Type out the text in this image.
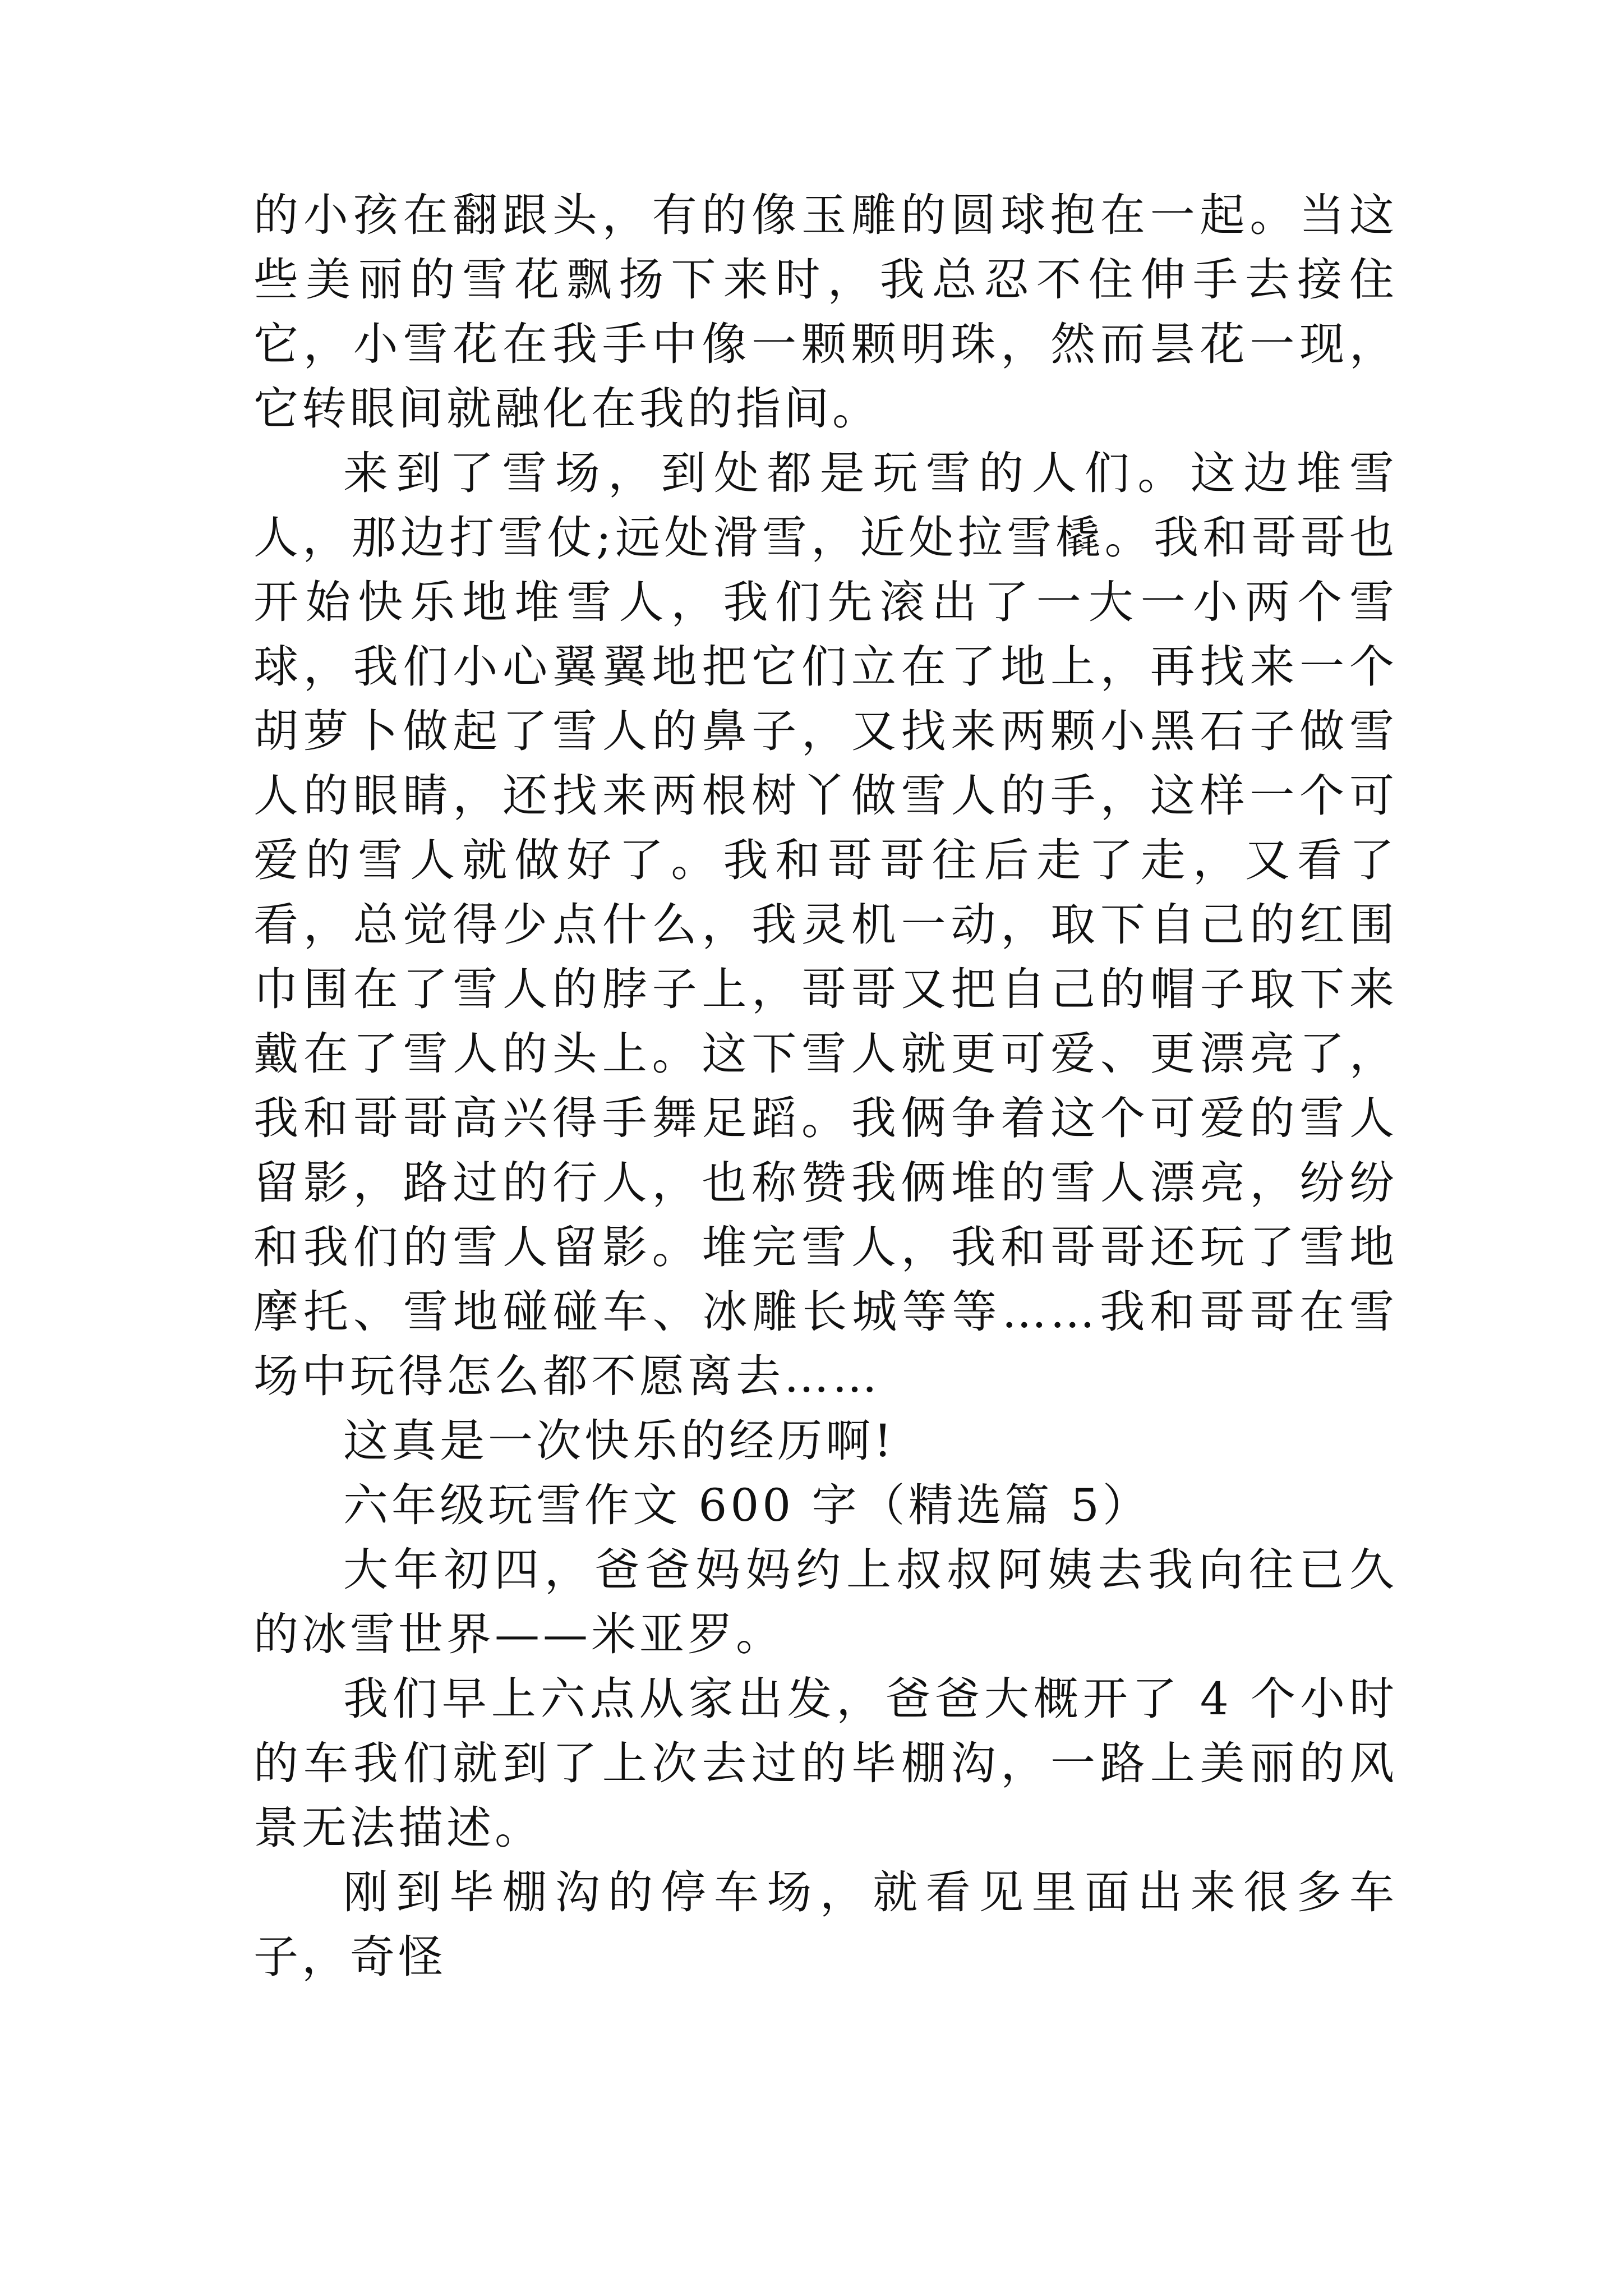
的小孩在翻跟头，有的像玉雕的圆球抱在一起。当这些美丽的雪花飘扬下来时，我总忍不住伸手去接住它，小雪花在我手中像一颗颗明珠，然而昙花一现，它转眼间就融化在我的指间。

来到了雪场，到处都是玩雪的人们。这边堆雪人，那边打雪仗;远处滑雪，近处拉雪橇。我和哥哥也开始快乐地堆雪人，我们先滚出了一大一小两个雪球，我们小心翼翼地把它们立在了地上，再找来一个胡萝卜做起了雪人的鼻子，又找来两颗小黑石子做雪人的眼睛，还找来两根树丫做雪人的手，这样一个可爱的雪人就做好了。我和哥哥往后走了走，又看了看，总觉得少点什么，我灵机一动，取下自己的红围巾围在了雪人的脖子上，哥哥又把自己的帽子取下来戴在了雪人的头上。这下雪人就更可爱、更漂亮了，我和哥哥高兴得手舞足蹈。我俩争着这个可爱的雪人留影，路过的行人，也称赞我俩堆的雪人漂亮，纷纷和我们的雪人留影。堆完雪人，我和哥哥还玩了雪地摩托、雪地碰碰车、冰雕长城等等……我和哥哥在雪场中玩得怎么都不愿离去……

这真是一次快乐的经历啊!

六年级玩雪作文 600 字（精选篇 5）

大年初四，爸爸妈妈约上叔叔阿姨去我向往已久的冰雪世界——米亚罗。

我们早上六点从家出发，爸爸大概开了 4 个小时的车我们就到了上次去过的毕棚沟，一路上美丽的风景无法描述。

刚到毕棚沟的停车场，就看见里面出来很多车子，奇怪
